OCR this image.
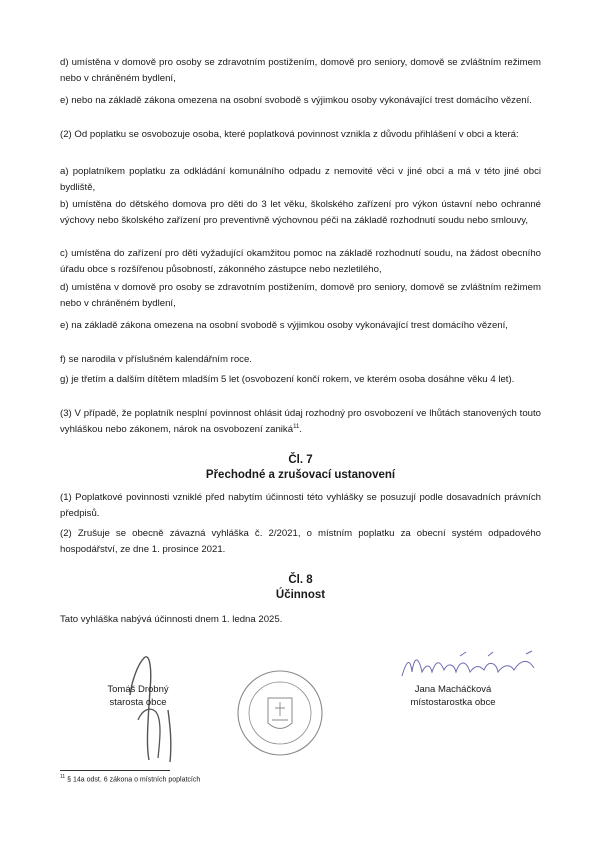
d) umístěna v domově pro osoby se zdravotním postižením, domově pro seniory, domově se zvláštním režimem nebo v chráněném bydlení,
e) nebo na základě zákona omezena na osobní svobodě s výjimkou osoby vykonávající trest domácího vězení.
(2) Od poplatku se osvobozuje osoba, které poplatková povinnost vznikla z důvodu přihlášení v obci a která:
a) poplatníkem poplatku za odkládání komunálního odpadu z nemovité věci v jiné obci a má v této jiné obci bydliště,
b) umístěna do dětského domova pro děti do 3 let věku, školského zařízení pro výkon ústavní nebo ochranné výchovy nebo školského zařízení pro preventivně výchovnou péči na základě rozhodnutí soudu nebo smlouvy,
c) umístěna do zařízení pro děti vyžadující okamžitou pomoc na základě rozhodnutí soudu, na žádost obecního úřadu obce s rozšířenou působností, zákonného zástupce nebo nezletilého,
d) umístěna v domově pro osoby se zdravotním postižením, domově pro seniory, domově se zvláštním režimem nebo v chráněném bydlení,
e) na základě zákona omezena na osobní svobodě s výjimkou osoby vykonávající trest domácího vězení,
f) se narodila v příslušném kalendářním roce.
g) je třetím a dalším dítětem mladším 5 let (osvobození končí rokem, ve kterém osoba dosáhne věku 4 let).
(3) V případě, že poplatník nesplní povinnost ohlásit údaj rozhodný pro osvobození ve lhůtách stanovených touto vyhláškou nebo zákonem, nárok na osvobození zaniká$^{11}$.
Čl. 7
Přechodné a zrušovací ustanovení
(1) Poplatkové povinnosti vzniklé před nabytím účinnosti této vyhlášky se posuzují podle dosavadních právních předpisů.
(2) Zrušuje se obecně závazná vyhláška č. 2/2021, o místním poplatku za obecní systém odpadového hospodářství, ze dne 1. prosince 2021.
Čl. 8
Účinnost
Tato vyhláška nabývá účinnosti dnem 1. ledna 2025.
Tomáš Drobný
starosta obce
Jana Macháčková
místostarostka obce
$^{11}$ § 14a odst. 6 zákona o místních poplatcích
